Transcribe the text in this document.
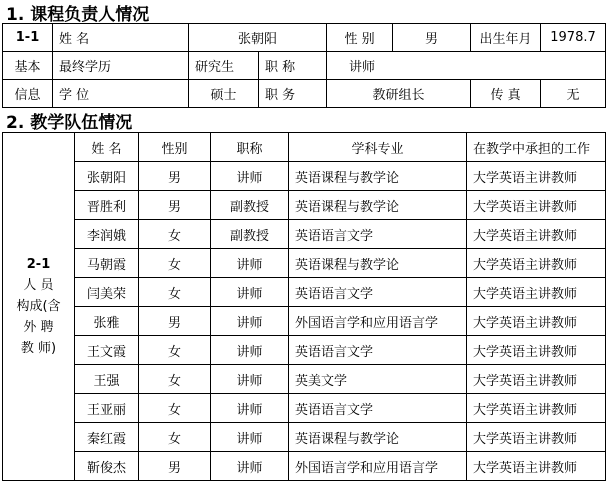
1. 课程负责人情况
1-1	姓 名	张朝阳		性 别	男	出生年月	1978.7
基本	最终学历	研究生	职 称	讲师			
信息	学 位	硕士	职 务	教研组长		传 真	无
2. 教学队伍情况
2-1
人 员
构成(含
外 聘
教 师)	姓 名	性别	职称	学科专业	在教学中承担的工作
	张朝阳	男	讲师	英语课程与教学论	大学英语主讲教师
	晋胜利	男	副教授	英语课程与教学论	大学英语主讲教师
	李润娥	女	副教授	英语语言文学	大学英语主讲教师
	马朝霞	女	讲师	英语课程与教学论	大学英语主讲教师
	闫美荣	女	讲师	英语语言文学	大学英语主讲教师
	张雅	男	讲师	外国语言学和应用语言学	大学英语主讲教师
	王文霞	女	讲师	英语语言文学	大学英语主讲教师
	王强	女	讲师	英美文学	大学英语主讲教师
	王亚丽	女	讲师	英语语言文学	大学英语主讲教师
	秦红霞	女	讲师	英语课程与教学论	大学英语主讲教师
	靳俊杰	男	讲师	外国语言学和应用语言学	大学英语主讲教师
